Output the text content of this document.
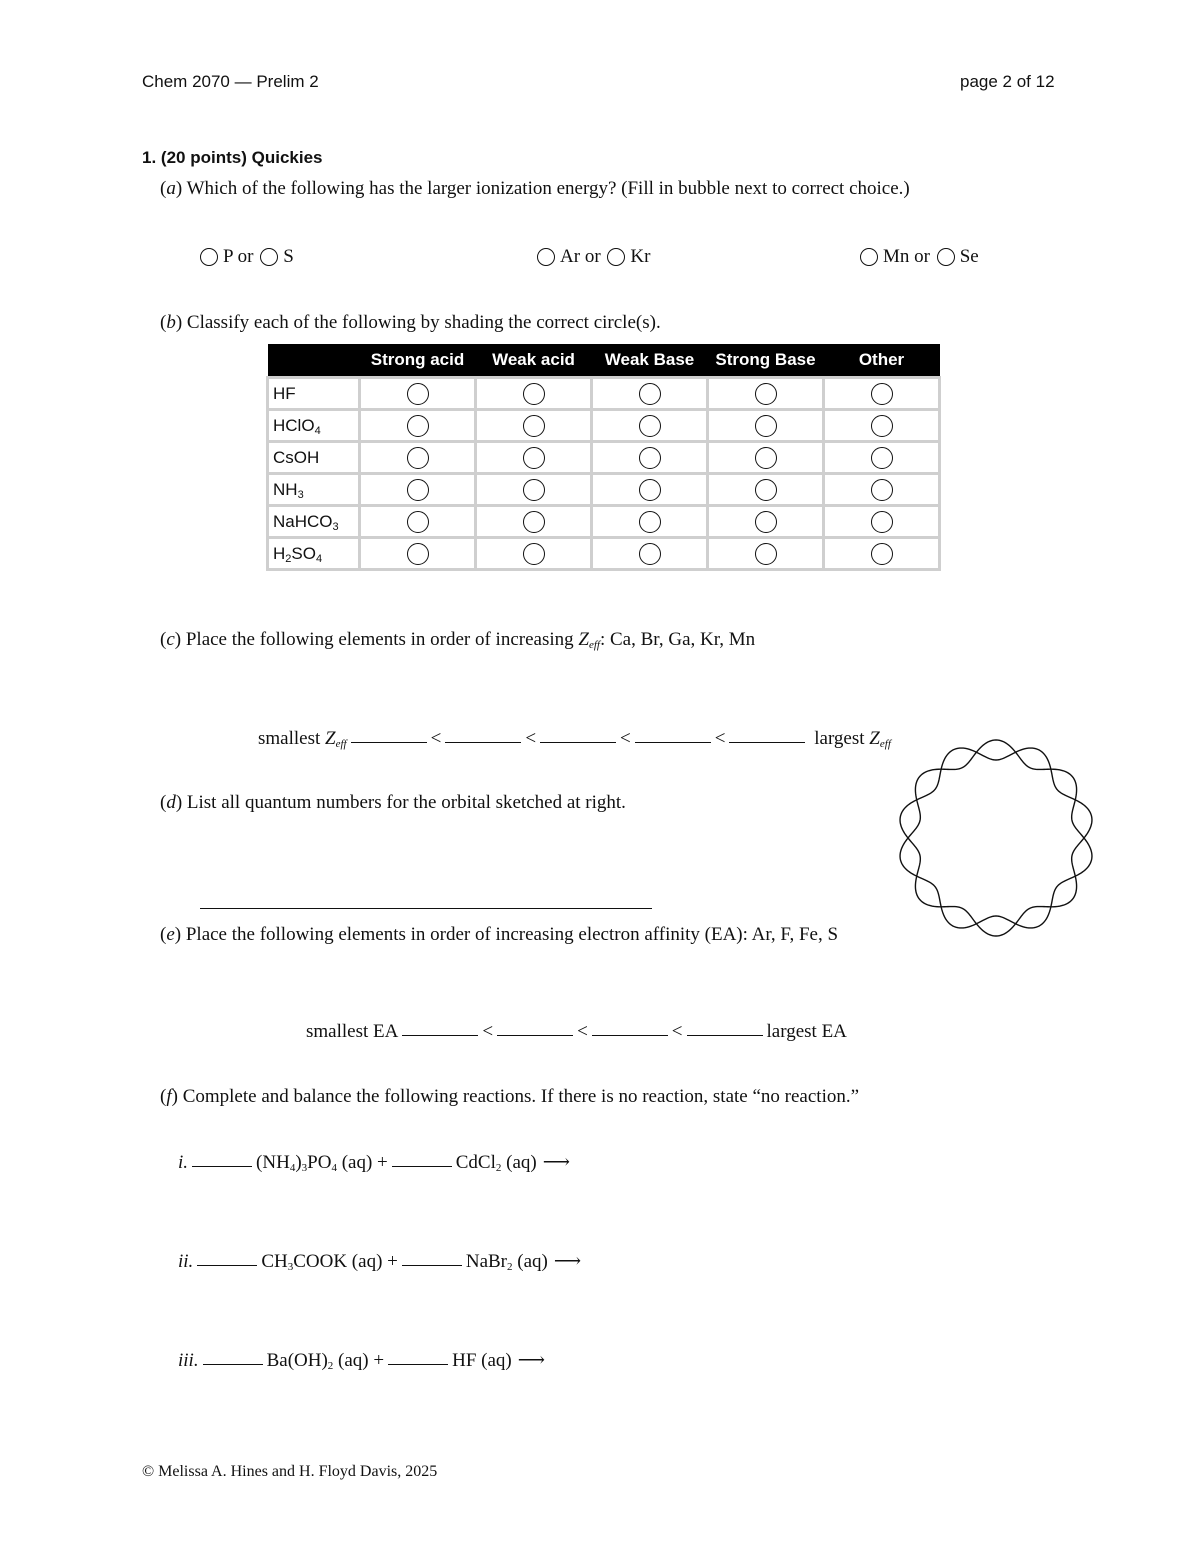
Chem 2070 — Prelim 2	page 2 of 12
1. (20 points) Quickies
(a) Which of the following has the larger ionization energy? (Fill in bubble next to correct choice.)
P or S	Ar or Kr	Mn or Se
(b) Classify each of the following by shading the correct circle(s).
	Strong acid	Weak acid	Weak Base	Strong Base	Other
HF					
HClO$_4$					
CsOH					
$NH_3$					
NaHCO$_3$					
$H_2SO_4$					
(c) Place the following elements in order of increasing $Z_{eff}$: Ca, Br, Ga, Kr, Mn
smallest $Z_{eff}$	<	<	<	<	largest $Z_{eff}$
(d) List all quantum numbers for the orbital sketched at right.
(e) Place the following elements in order of increasing electron affinity (EA): Ar, F, Fe, S
smallest EA	<	<	<	largest EA
(f) Complete and balance the following reactions. If there is no reaction, state “no reaction.”
i.	$(NH_4)_3PO_4$ (aq) +	CdCl$_2$ (aq) ⟶
ii.	$CH_3COOK$ (aq) +	NaBr$_2$ (aq) ⟶
iii.	$Ba(OH)_2$ (aq) +	HF (aq) ⟶
© Melissa A. Hines and H. Floyd Davis, 2025
